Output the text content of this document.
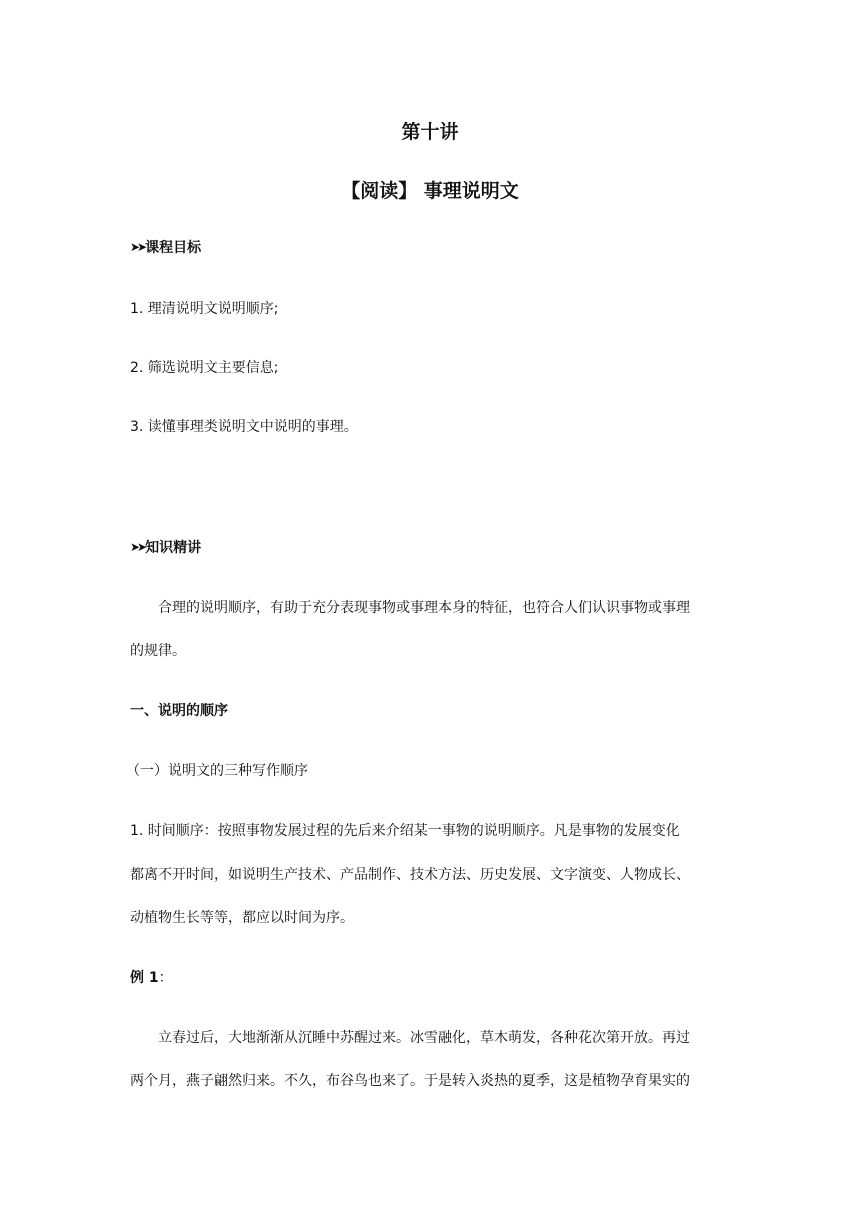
第十讲
【阅读】 事理说明文
➤➤课程目标
1. 理清说明文说明顺序;
2. 筛选说明文主要信息;
3. 读懂事理类说明文中说明的事理。
➤➤知识精讲
合理的说明顺序，有助于充分表现事物或事理本身的特征，也符合人们认识事物或事理
的规律。
一、说明的顺序
（一）说明文的三种写作顺序
1. 时间顺序：按照事物发展过程的先后来介绍某一事物的说明顺序。凡是事物的发展变化
都离不开时间，如说明生产技术、产品制作、技术方法、历史发展、文字演变、人物成长、
动植物生长等等，都应以时间为序。
例 1：
立春过后，大地渐渐从沉睡中苏醒过来。冰雪融化，草木萌发，各种花次第开放。再过
两个月，燕子翩然归来。不久，布谷鸟也来了。于是转入炎热的夏季，这是植物孕育果实的
